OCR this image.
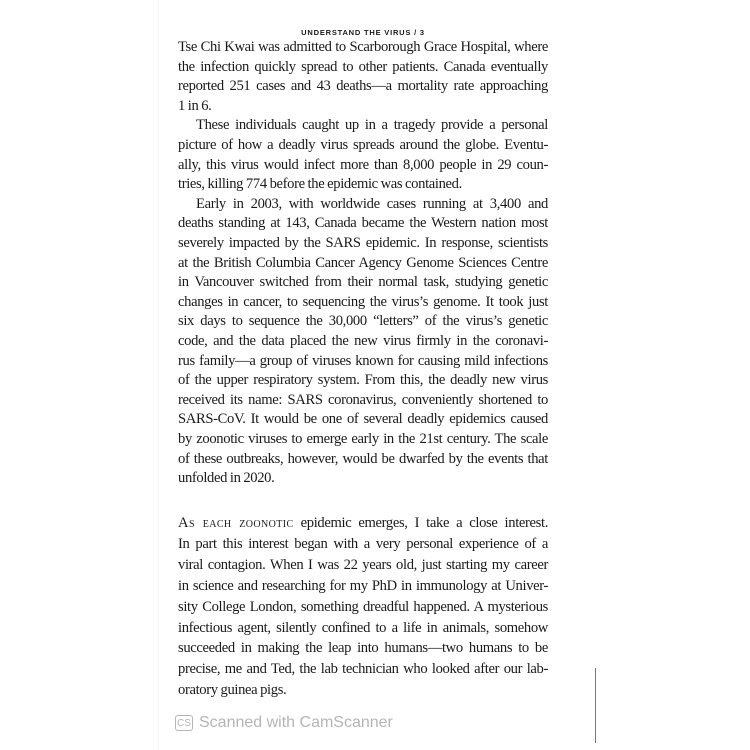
UNDERSTAND THE VIRUS / 3
Tse Chi Kwai was admitted to Scarborough Grace Hospital, where
the infection quickly spread to other patients. Canada eventually
reported 251 cases and 43 deaths—a mortality rate approaching
1 in 6.
These individuals caught up in a tragedy provide a personal
picture of how a deadly virus spreads around the globe. Eventu-
ally, this virus would infect more than 8,000 people in 29 coun-
tries, killing 774 before the epidemic was contained.
Early in 2003, with worldwide cases running at 3,400 and
deaths standing at 143, Canada became the Western nation most
severely impacted by the SARS epidemic. In response, scientists
at the British Columbia Cancer Agency Genome Sciences Centre
in Vancouver switched from their normal task, studying genetic
changes in cancer, to sequencing the virus’s genome. It took just
six days to sequence the 30,000 “letters” of the virus’s genetic
code, and the data placed the new virus firmly in the coronavi-
rus family—a group of viruses known for causing mild infections
of the upper respiratory system. From this, the deadly new virus
received its name: SARS coronavirus, conveniently shortened to
SARS-CoV. It would be one of several deadly epidemics caused
by zoonotic viruses to emerge early in the 21st century. The scale
of these outbreaks, however, would be dwarfed by the events that
unfolded in 2020.
As each zoonotic epidemic emerges, I take a close interest.
CS Scanned with CamScanner
In part this interest began with a very personal experience of a
viral contagion. When I was 22 years old, just starting my career
in science and researching for my PhD in immunology at Univer-
sity College London, something dreadful happened. A mysterious
infectious agent, silently confined to a life in animals, somehow
succeeded in making the leap into humans—two humans to be
precise, me and Ted, the lab technician who looked after our lab-
oratory guinea pigs.
